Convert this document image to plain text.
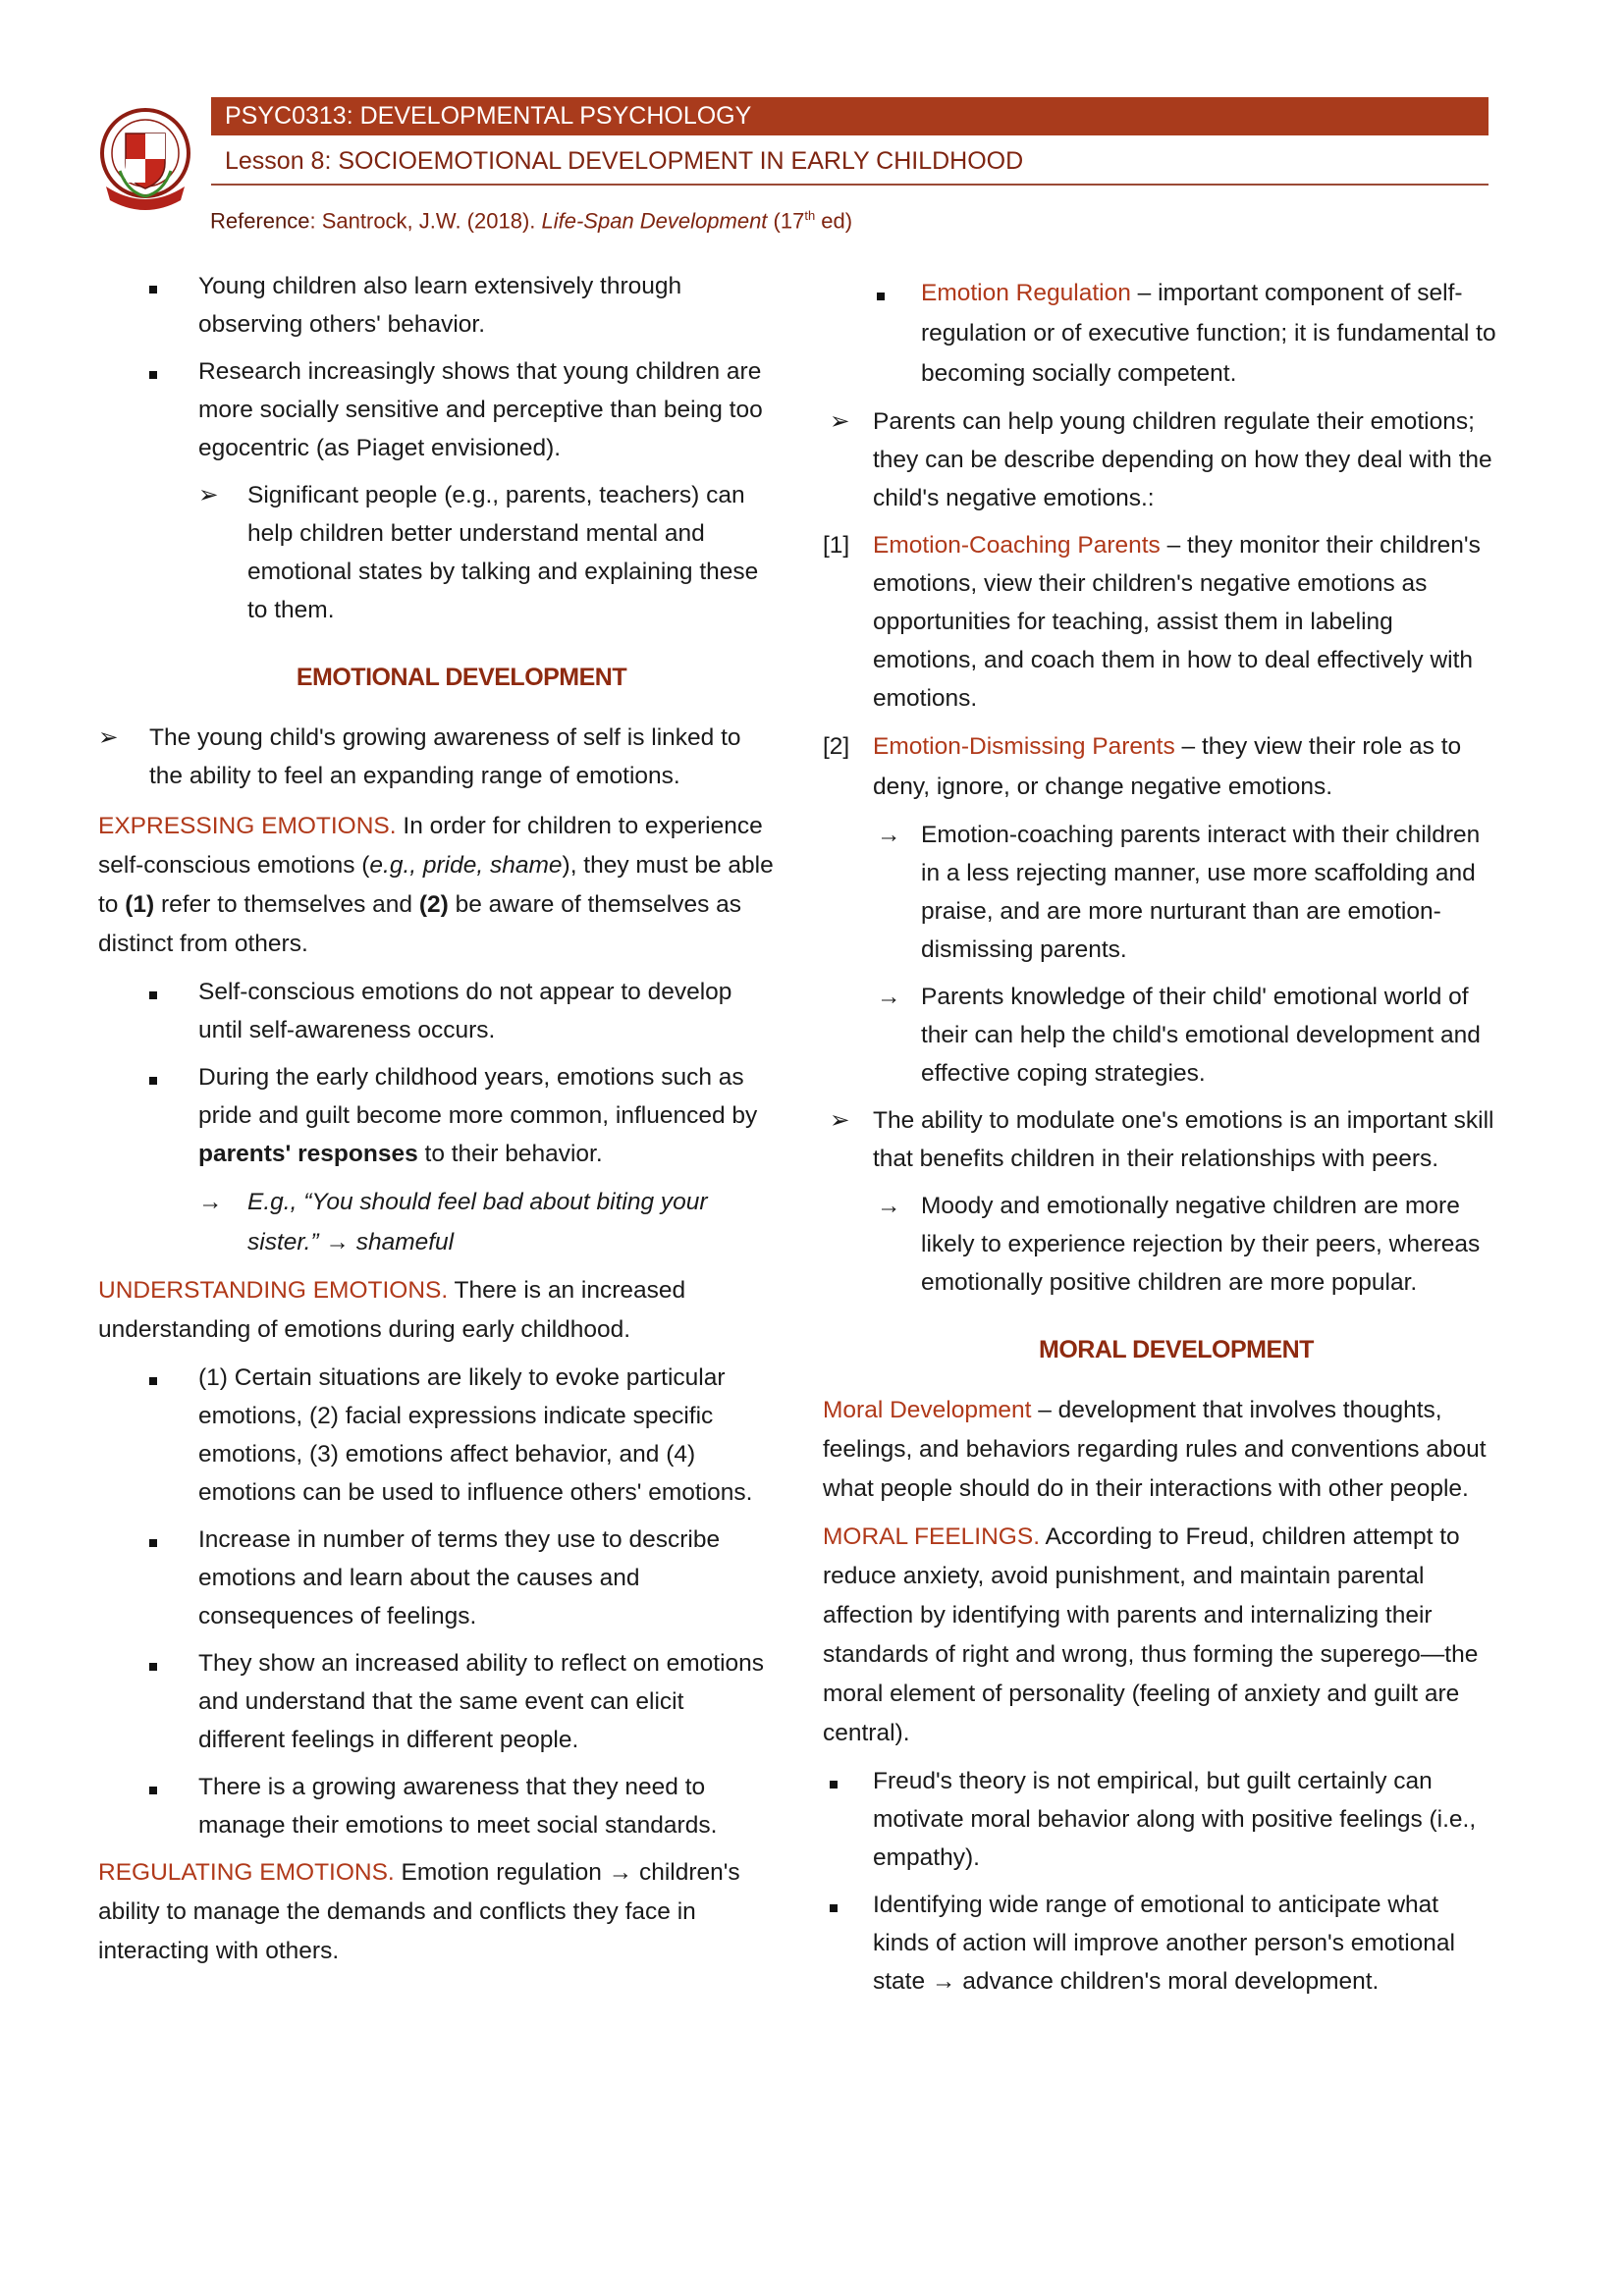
PSYC0313: DEVELOPMENTAL PSYCHOLOGY
Lesson 8: SOCIOEMOTIONAL DEVELOPMENT IN EARLY CHILDHOOD
Reference: Santrock, J.W. (2018). Life-Span Development (17th ed)
Young children also learn extensively through observing others' behavior.
Research increasingly shows that young children are more socially sensitive and perceptive than being too egocentric (as Piaget envisioned).
➢ Significant people (e.g., parents, teachers) can help children better understand mental and emotional states by talking and explaining these to them.
EMOTIONAL DEVELOPMENT
➢ The young child's growing awareness of self is linked to the ability to feel an expanding range of emotions.
EXPRESSING EMOTIONS. In order for children to experience self-conscious emotions (e.g., pride, shame), they must be able to (1) refer to themselves and (2) be aware of themselves as distinct from others.
Self-conscious emotions do not appear to develop until self-awareness occurs.
During the early childhood years, emotions such as pride and guilt become more common, influenced by parents' responses to their behavior.
→ E.g., “You should feel bad about biting your sister.” → shameful
UNDERSTANDING EMOTIONS. There is an increased understanding of emotions during early childhood.
(1) Certain situations are likely to evoke particular emotions, (2) facial expressions indicate specific emotions, (3) emotions affect behavior, and (4) emotions can be used to influence others' emotions.
Increase in number of terms they use to describe emotions and learn about the causes and consequences of feelings.
They show an increased ability to reflect on emotions and understand that the same event can elicit different feelings in different people.
There is a growing awareness that they need to manage their emotions to meet social standards.
REGULATING EMOTIONS. Emotion regulation → children's ability to manage the demands and conflicts they face in interacting with others.
Emotion Regulation – important component of self-regulation or of executive function; it is fundamental to becoming socially competent.
➢ Parents can help young children regulate their emotions; they can be describe depending on how they deal with the child's negative emotions.:
[1] Emotion-Coaching Parents – they monitor their children's emotions, view their children's negative emotions as opportunities for teaching, assist them in labeling emotions, and coach them in how to deal effectively with emotions.
[2] Emotion-Dismissing Parents – they view their role as to deny, ignore, or change negative emotions.
→ Emotion-coaching parents interact with their children in a less rejecting manner, use more scaffolding and praise, and are more nurturant than are emotion-dismissing parents.
→ Parents knowledge of their child' emotional world of their can help the child's emotional development and effective coping strategies.
➢ The ability to modulate one's emotions is an important skill that benefits children in their relationships with peers.
→ Moody and emotionally negative children are more likely to experience rejection by their peers, whereas emotionally positive children are more popular.
MORAL DEVELOPMENT
Moral Development – development that involves thoughts, feelings, and behaviors regarding rules and conventions about what people should do in their interactions with other people.
MORAL FEELINGS. According to Freud, children attempt to reduce anxiety, avoid punishment, and maintain parental affection by identifying with parents and internalizing their standards of right and wrong, thus forming the superego—the moral element of personality (feeling of anxiety and guilt are central).
Freud's theory is not empirical, but guilt certainly can motivate moral behavior along with positive feelings (i.e., empathy).
Identifying wide range of emotional to anticipate what kinds of action will improve another person's emotional state → advance children's moral development.
